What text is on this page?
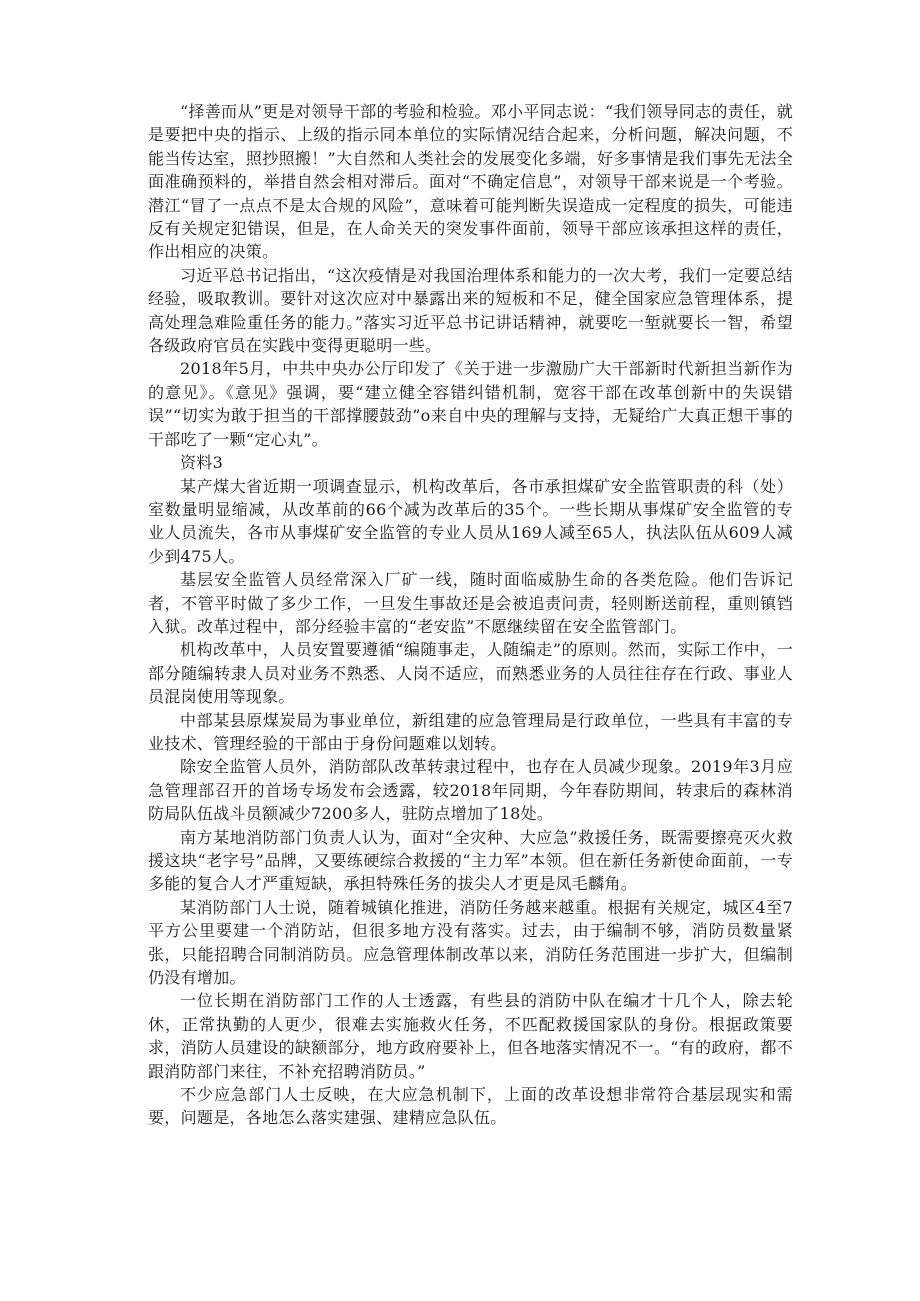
“择善而从”更是对领导干部的考验和检验。邓小平同志说：“我们领导同志的责任，就是要把中央的指示、上级的指示同本单位的实际情况结合起来，分析问题，解决问题，不能当传达室，照抄照搬！”大自然和人类社会的发展变化多端，好多事情是我们事先无法全面准确预料的，举措自然会相对滞后。面对“不确定信息”，对领导干部来说是一个考验。潜江“冒了一点点不是太合规的风险”，意味着可能判断失误造成一定程度的损失，可能违反有关规定犯错误，但是，在人命关天的突发事件面前，领导干部应该承担这样的责任，作出相应的决策。

习近平总书记指出，“这次疫情是对我国治理体系和能力的一次大考，我们一定要总结经验，吸取教训。要针对这次应对中暴露出来的短板和不足，健全国家应急管理体系，提高处理急难险重任务的能力。”落实习近平总书记讲话精神，就要吃一堑就要长一智，希望各级政府官员在实践中变得更聪明一些。

2018年5月，中共中央办公厅印发了《关于进一步激励广大干部新时代新担当新作为的意见》。《意见》强调，要“建立健全容错纠错机制，宽容干部在改革创新中的失误错误”“切实为敢于担当的干部撑腰鼓劲”o来自中央的理解与支持，无疑给广大真正想干事的干部吃了一颗“定心丸”。

资料3

某产煤大省近期一项调查显示，机构改革后，各市承担煤矿安全监管职责的科（处）室数量明显缩减，从改革前的66个减为改革后的35个。一些长期从事煤矿安全监管的专业人员流失，各市从事煤矿安全监管的专业人员从169人减至65人，执法队伍从609人减少到475人。

基层安全监管人员经常深入厂矿一线，随时面临威胁生命的各类危险。他们告诉记者，不管平时做了多少工作，一旦发生事故还是会被追责问责，轻则断送前程，重则镇铛入狱。改革过程中，部分经验丰富的“老安监”不愿继续留在安全监管部门。

机构改革中，人员安置要遵循“编随事走，人随编走”的原则。然而，实际工作中，一部分随编转隶人员对业务不熟悉、人岗不适应，而熟悉业务的人员往往存在行政、事业人员混岗使用等现象。

中部某县原煤炭局为事业单位，新组建的应急管理局是行政单位，一些具有丰富的专业技术、管理经验的干部由于身份问题难以划转。

除安全监管人员外，消防部队改革转隶过程中，也存在人员减少现象。2019年3月应急管理部召开的首场专场发布会透露，较2018年同期，今年春防期间，转隶后的森林消防局队伍战斗员额减少7200多人，驻防点增加了18处。

南方某地消防部门负责人认为，面对“全灾种、大应急”救援任务，既需要擦亮灭火救援这块“老字号”品牌，又要练硬综合救援的“主力军”本领。但在新任务新使命面前，一专多能的复合人才严重短缺，承担特殊任务的拔尖人才更是凤毛麟角。

某消防部门人士说，随着城镇化推进，消防任务越来越重。根据有关规定，城区4至7平方公里要建一个消防站，但很多地方没有落实。过去，由于编制不够，消防员数量紧张，只能招聘合同制消防员。应急管理体制改革以来，消防任务范围进一步扩大，但编制仍没有增加。

一位长期在消防部门工作的人士透露，有些县的消防中队在编才十几个人，除去轮休，正常执勤的人更少，很难去实施救火任务，不匹配救援国家队的身份。根据政策要求，消防人员建设的缺额部分，地方政府要补上，但各地落实情况不一。“有的政府，都不跟消防部门来往，不补充招聘消防员。”

不少应急部门人士反映，在大应急机制下，上面的改革设想非常符合基层现实和需要，问题是，各地怎么落实建强、建精应急队伍。
